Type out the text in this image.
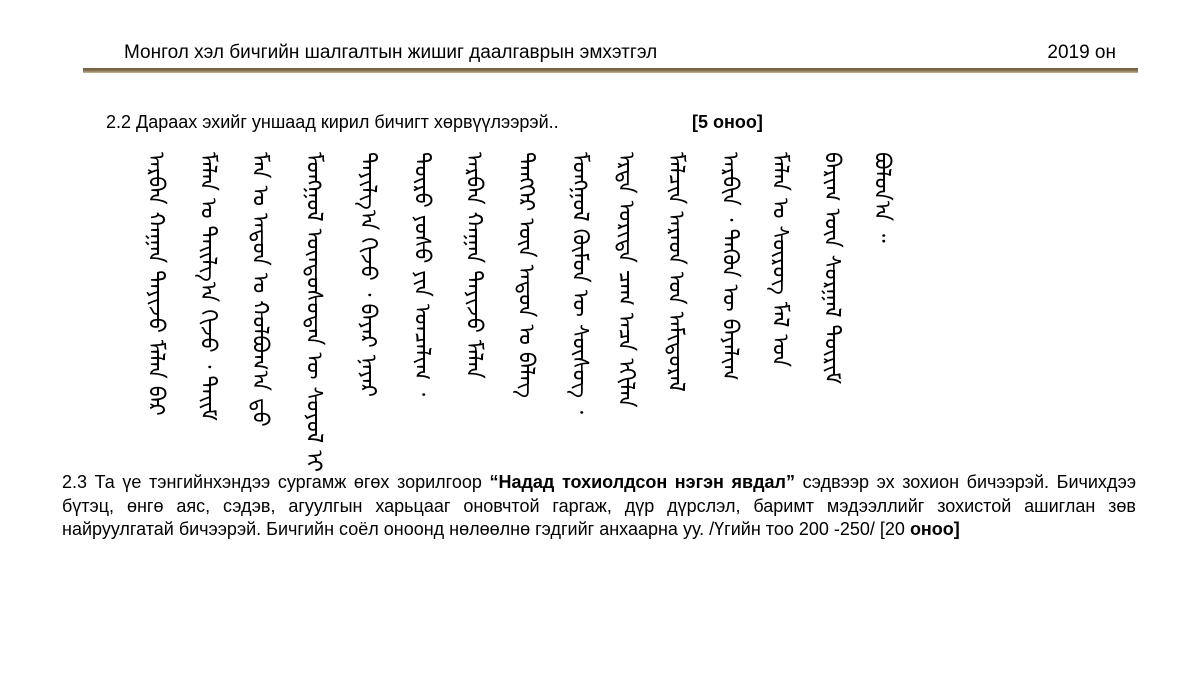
Монгол хэл бичгийн шалгалтын жишиг даалгаврын эмхэтгэл	2019 он
2.2 Дараах эхийг уншаад кирил бичигт хөрвүүлээрэй..	[5 оноо]
ᠠᠷᠪᠠᠨ ᠬᠠᠭᠠᠨ ᠲᠠᠶᠢᠵᠤ ᠮᠠᠯᠠᠨ ᠪᠡᠷ ᠮᠠᠯᠠᠨ ᠤ ᠲᠠᠢᠯᠭ᠎ᠠ ᠬᠢᠵᠦ ᠂ ᠲᠠᠢᠮ ᠮᠠᠨ ᠤ ᠠᠳᠤᠨ ᠤ ᠬᠣᠯᠪᠤᠭ᠎ᠠ ᠳ᠋ᠦ ᠮᠣᠩᠭᠣᠯ ᠦᠨᠳᠦᠰᠦᠲᠡᠨ ᠦ ᠰᠤᠶᠤᠯ ᠢ ᠲᠠᠶᠢᠯᠭ᠎ᠠ ᠬᠢᠵᠦ ᠂ ᠪᠠᠶᠠᠷ ᠨᠠᠶᠠᠷ ᠲᠦᠷᠦ ᠶᠣᠰᠤ ᠶᠢᠨ ᠣᠨᠴᠠᠯᠢᠭ ᠂ ᠠᠷᠪᠠᠨ ᠬᠠᠭᠠᠨ ᠲᠠᠶᠢᠵᠤ ᠮᠠᠯᠠᠨ ᠲᠡᠩᠭᠡᠷ ᠦᠨ ᠠᠳᠤᠨ ᠤ ᠪᠡᠯᠡᠭ ᠮᠣᠩᠭᠣᠯ ᠬᠦᠮᠦᠨ ᠦ ᠰᠦᠰᠦᠭ ᠂ ᠡᠷᠲᠡ ᠤᠷᠢᠳᠠ ᠴᠠᠭ ᠠᠴᠠ ᠡᠬᠢᠯᠡᠨ ᠮᠠᠯᠴᠢᠨ ᠠᠷᠠᠳ ᠤᠨ ᠠᠮᠢᠳᠤᠷᠠᠯ ᠠᠷᠪᠢᠨ ᠂ ᠲᠡᠭᠦᠨ ᠦ ᠪᠠᠶᠠᠯᠢᠭ ᠮᠠᠯᠠᠨ ᠤ ᠰᠦᠷᠦᠭ ᠮᠠᠯ ᠤᠨ ᠪᠠᠷᠢᠭ ᠦᠨ ᠰᠤᠷᠭᠠᠯ ᠳᠦᠷᠢᠮ ᠪᠣᠯᠤᠨ᠎ᠠ ᠃
2.3 Та үе тэнгийнхэндээ сургамж өгөх зорилгоор “Надад тохиолдсон нэгэн явдал” сэдвээр эх зохион бичээрэй. Бичихдээ бүтэц, өнгө аяс, сэдэв, агуулгын харьцааг оновчтой гаргаж, дүр дүрслэл, баримт мэдээллийг зохистой ашиглан зөв найруулгатай бичээрэй. Бичгийн соёл оноонд нөлөөлнө гэдгийг анхаарна уу. /Үгийн тоо 200 -250/ [20 оноо]
